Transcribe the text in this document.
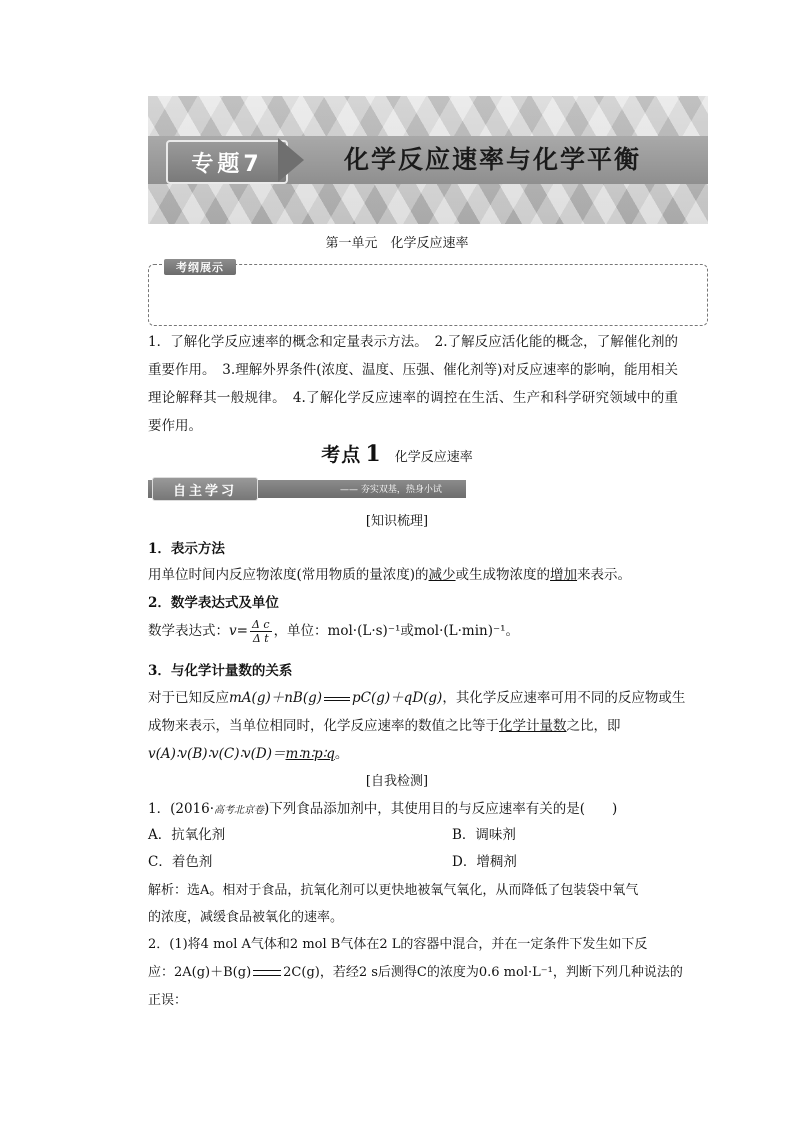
专题7	化学反应速率与化学平衡
第一单元　化学反应速率
考纲展示

1．了解化学反应速率的概念和定量表示方法。　2.了解反应活化能的概念，了解催化剂的重要作用。　3.理解外界条件(浓度、温度、压强、催化剂等)对反应速率的影响，能用相关理论解释其一般规律。　4.了解化学反应速率的调控在生活、生产和科学研究领域中的重要作用。

考点 1 化学反应速率
自主学习	—— 夯实双基，热身小试
[知识梳理]
1．表示方法
用单位时间内反应物浓度(常用物质的量浓度)的减少或生成物浓度的增加来表示。
2．数学表达式及单位
数学表达式：$v= \frac{\text{Δ c}}{\text{Δ t}}$ ，单位：mol·(L·s)⁻¹或mol·(L·min)⁻¹。
3．与化学计量数的关系
对于已知反应mA(g)＋nB(g) pC(g)＋qD(g)，其化学反应速率可用不同的反应物或生
成物来表示，当单位相同时，化学反应速率的数值之比等于化学计量数之比，即
v(A)∶v(B)∶v(C)∶v(D)＝m∶n∶p∶q。
[自我检测]
1．(2016·高考北京卷)下列食品添加剂中，其使用目的与反应速率有关的是(　　)
A．抗氧化剂	B．调味剂
C．着色剂	D．增稠剂
解析：选A。相对于食品，抗氧化剂可以更快地被氧气氧化，从而降低了包装袋中氧气
的浓度，减缓食品被氧化的速率。
2．(1)将4 mol A气体和2 mol B气体在2 L的容器中混合，并在一定条件下发生如下反
应：2A(g)＋B(g) 2C(g)，若经2 s后测得C的浓度为0.6 mol·L⁻¹，判断下列几种说法的
正误：
